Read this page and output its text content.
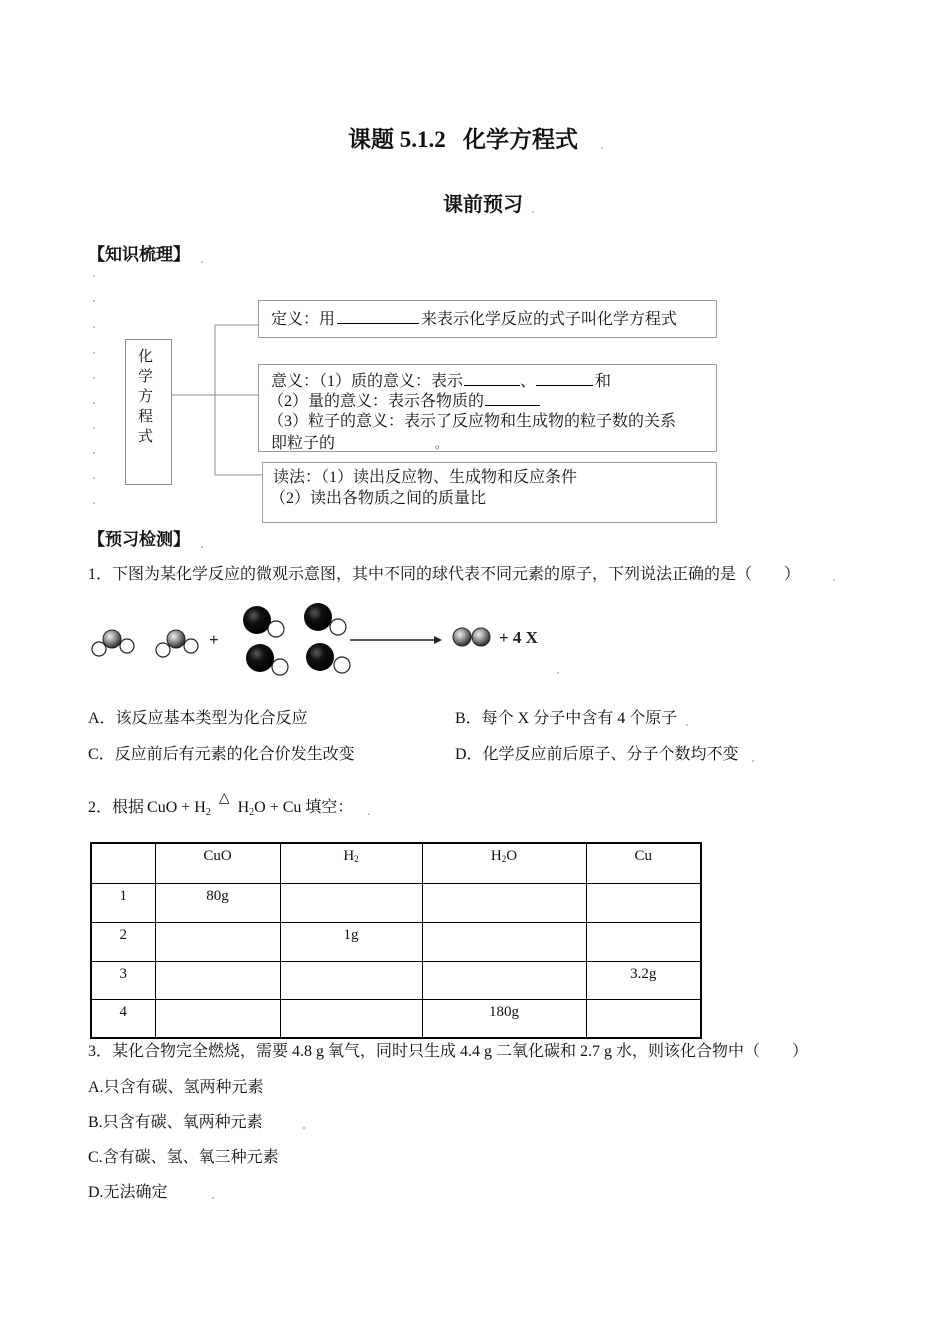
课题 5.1.2   化学方程式
课前预习
【知识梳理】
化学方程式
定义：用	来表示化学反应的式子叫化学方程式
意义：（1）质的意义：表示	、	和
（2）量的意义：表示各物质的
（3）粒子的意义：表示了反应物和生成物的粒子数的关系
即粒子的	。
读法：（1）读出反应物、生成物和反应条件
（2）读出各物质之间的质量比
【预习检测】
1．下图为某化学反应的微观示意图，其中不同的球代表不同元素的原子，下列说法正确的是（　　）
+	+ 4 X
A．该反应基本类型为化合反应	B．每个 X 分子中含有 4 个原子
C．反应前后有元素的化合价发生改变	D．化学反应前后原子、分子个数均不变
2．根据 CuO + H2△H2O + Cu 填空：
	CuO	H2	H2O	Cu
1	80g			
2		1g		
3				3.2g
4			180g	
3．某化合物完全燃烧，需要 4.8 g 氧气，同时只生成 4.4 g 二氧化碳和 2.7 g 水，则该化合物中（　　）
A.只含有碳、氢两种元素
B.只含有碳、氧两种元素
C.含有碳、氢、氧三种元素
D.无法确定
